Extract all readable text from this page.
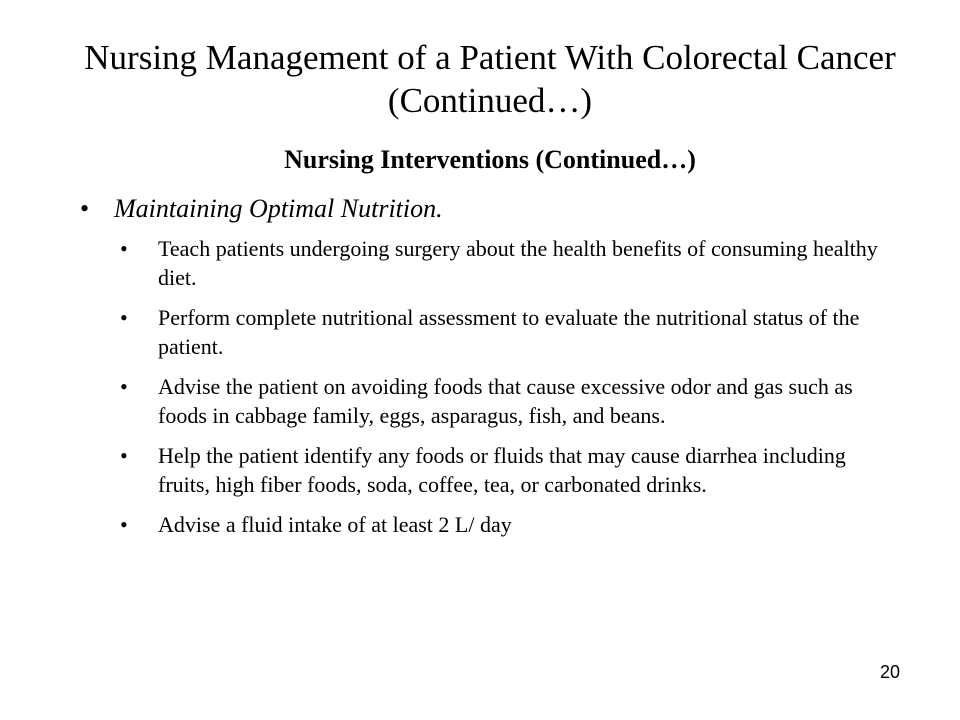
Nursing Management of a Patient With Colorectal Cancer (Continued…)
Nursing Interventions (Continued…)
• Maintaining Optimal Nutrition.
•	Teach patients undergoing surgery about the health benefits of consuming healthy diet.
•	Perform complete nutritional assessment to evaluate the nutritional status of the patient.
•	Advise the patient on avoiding foods that cause excessive odor and gas such as foods in cabbage family, eggs, asparagus, fish, and beans.
•	Help the patient identify any foods or fluids that may cause diarrhea including fruits, high fiber foods, soda, coffee, tea, or carbonated drinks.
•	Advise a fluid intake of at least 2 L/ day
20
